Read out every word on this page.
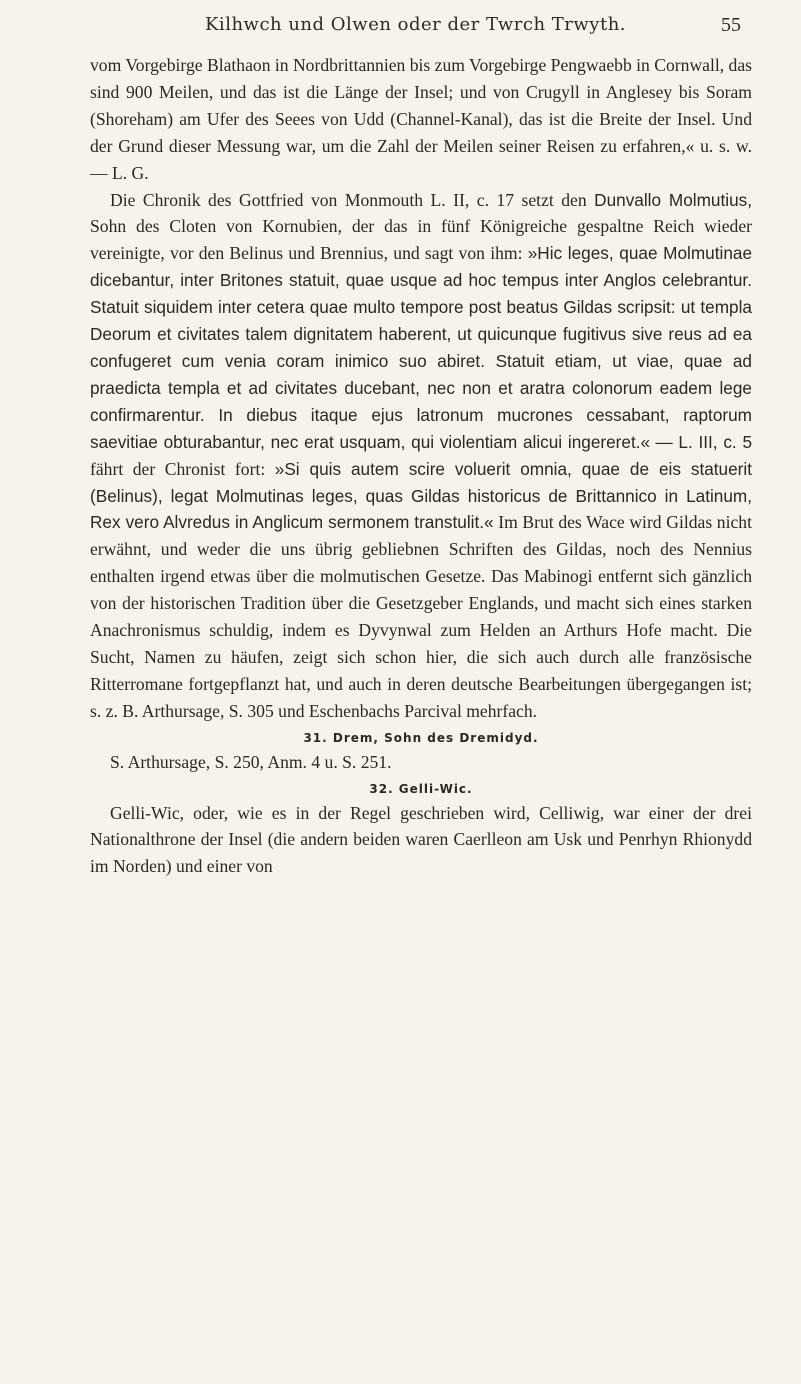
Kilhwch und Olwen oder der Twrch Trwyth.	55

vom Vorgebirge Blathaon in Nordbrittannien bis zum Vorgebirge Pengwaebb in Cornwall, das sind 900 Meilen, und das ist die Länge der Insel; und von Crugyll in Anglesey bis Soram (Shoreham) am Ufer des Seees von Udd (Channel-Kanal), das ist die Breite der Insel. Und der Grund dieser Messung war, um die Zahl der Meilen seiner Reisen zu erfahren,« u. s. w. — L. G.

Die Chronik des Gottfried von Monmouth L. II, c. 17 setzt den Dunvallo Molmutius, Sohn des Cloten von Kornubien, der das in fünf Königreiche gespaltne Reich wieder vereinigte, vor den Belinus und Brennius, und sagt von ihm: »Hic leges, quae Molmutinae dicebantur, inter Britones statuit, quae usque ad hoc tempus inter Anglos celebrantur. Statuit siquidem inter cetera quae multo tempore post beatus Gildas scripsit: ut templa Deorum et civitates talem dignitatem haberent, ut quicunque fugitivus sive reus ad ea confugeret cum venia coram inimico suo abiret. Statuit etiam, ut viae, quae ad praedicta templa et ad civitates ducebant, nec non et aratra colonorum eadem lege confirmarentur. In diebus itaque ejus latronum mucrones cessabant, raptorum saevitiae obturabantur, nec erat usquam, qui violentiam alicui ingereret.« — L. III, c. 5 fährt der Chronist fort: »Si quis autem scire voluerit omnia, quae de eis statuerit (Belinus), legat Molmutinas leges, quas Gildas historicus de Brittannico in Latinum, Rex vero Alvredus in Anglicum sermonem transtulit.« Im Brut des Wace wird Gildas nicht erwähnt, und weder die uns übrig gebliebnen Schriften des Gildas, noch des Nennius enthalten irgend etwas über die molmutischen Gesetze. Das Mabinogi entfernt sich gänzlich von der historischen Tradition über die Gesetzgeber Englands, und macht sich eines starken Anachronismus schuldig, indem es Dyvynwal zum Helden an Arthurs Hofe macht. Die Sucht, Namen zu häufen, zeigt sich schon hier, die sich auch durch alle französische Ritterromane fortgepflanzt hat, und auch in deren deutsche Bearbeitungen übergegangen ist; s. z. B. Arthursage, S. 305 und Eschenbachs Parcival mehrfach.

31. Drem, Sohn des Dremidyd.

S. Arthursage, S. 250, Anm. 4 u. S. 251.

32. Gelli-Wic.

Gelli-Wic, oder, wie es in der Regel geschrieben wird, Celliwig, war einer der drei Nationalthrone der Insel (die andern beiden waren Caerlleon am Usk und Penrhyn Rhionydd im Norden) und einer von
